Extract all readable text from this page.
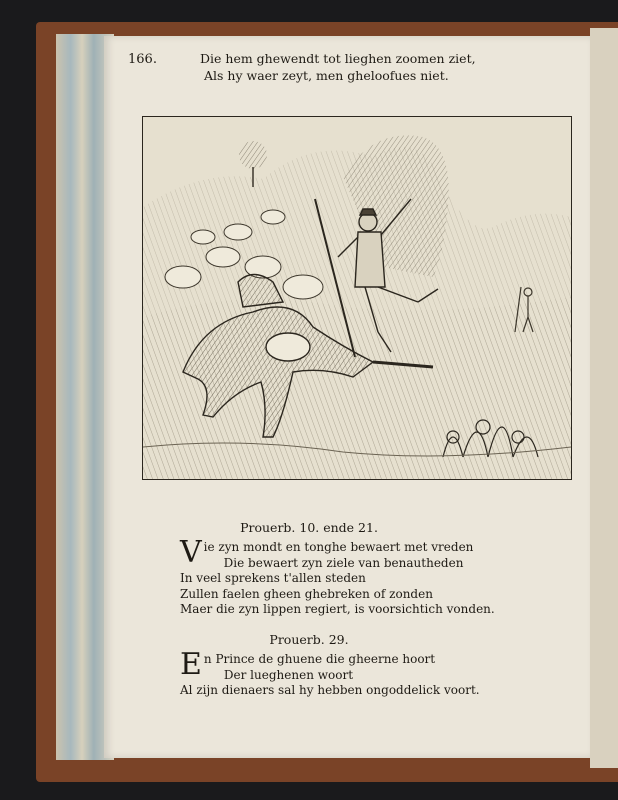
166.	Die hem ghewendt tot lieghen zoomen ziet,
Als hy waer zeyt, men gheloofues niet.
Prouerb. 10. ende 21.
Vie zyn mondt en tonghe bewaert met vreden
Die bewaert zyn ziele van benautheden
In veel sprekens t'allen steden
Zullen faelen gheen ghebreken of zonden
Maer die zyn lippen regiert, is voorsichtich vonden.
Prouerb. 29.
En Prince de ghuene die gheerne hoort
Der lueghenen woort
Al zijn dienaers sal hy hebben ongoddelick voort.
